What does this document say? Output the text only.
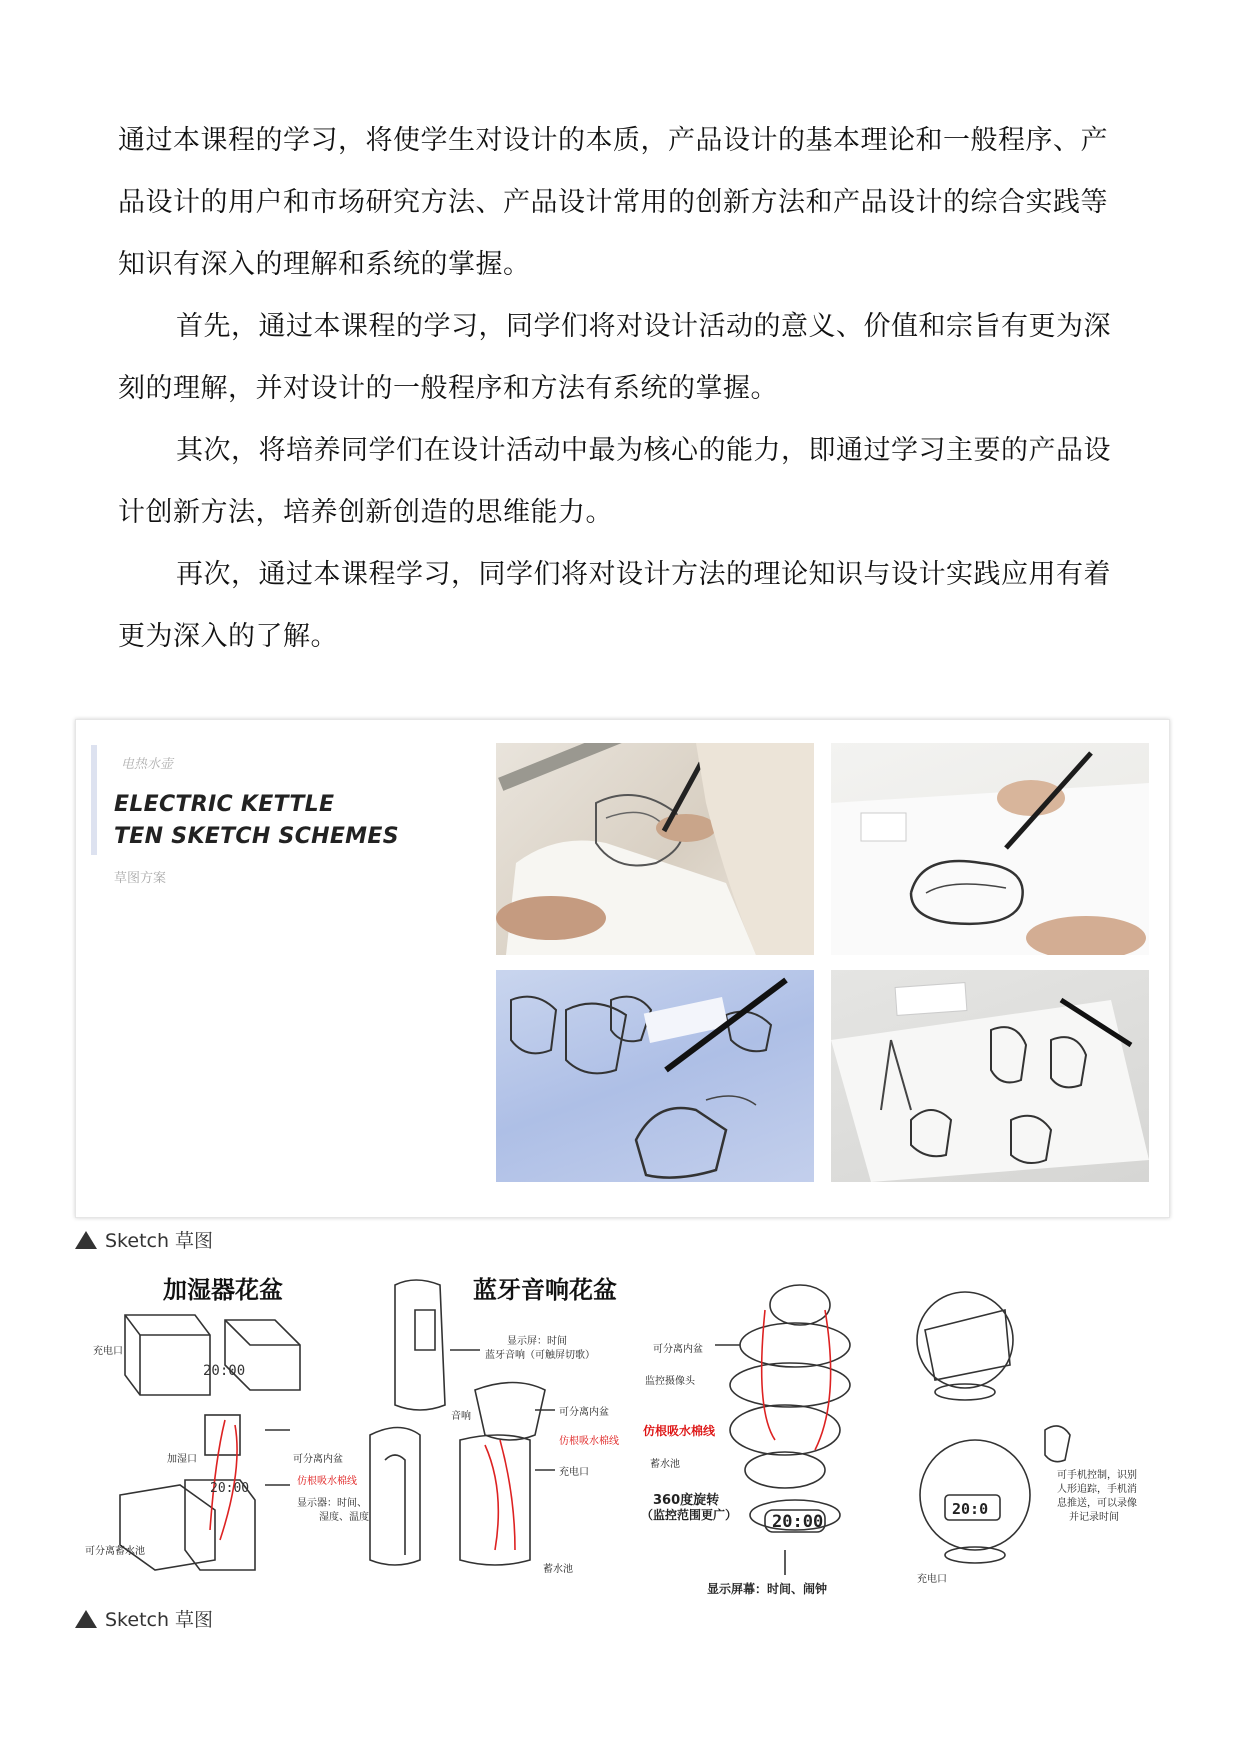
通过本课程的学习，将使学生对设计的本质，产品设计的基本理论和一般程序、产品设计的用户和市场研究方法、产品设计常用的创新方法和产品设计的综合实践等知识有深入的理解和系统的掌握。

首先，通过本课程的学习，同学们将对设计活动的意义、价值和宗旨有更为深刻的理解，并对设计的一般程序和方法有系统的掌握。

其次，将培养同学们在设计活动中最为核心的能力，即通过学习主要的产品设计创新方法，培养创新创造的思维能力。

再次，通过本课程学习，同学们将对设计方法的理论知识与设计实践应用有着更为深入的了解。

电热水壶
ELECTRIC KETTLE
TEN SKETCH SCHEMES
草图方案
Sketch 草图
20:00
20:00
20:00
20:0
加湿器花盆	蓝牙音响花盆
充电口
加湿口	可分离内盆
仿根吸水棉线
显示器：时间、
湿度、温度
可分离蓄水池
显示屏：时间
蓝牙音响（可触屏切歌）
音响	可分离内盆
仿根吸水棉线
充电口
蓄水池
可分离内盆
监控摄像头
仿根吸水棉线
蓄水池
360度旋转
（监控范围更广）
显示屏幕：时间、闹钟
充电口
可手机控制，识别
人形追踪，手机消
息推送，可以录像
并记录时间
Sketch 草图
